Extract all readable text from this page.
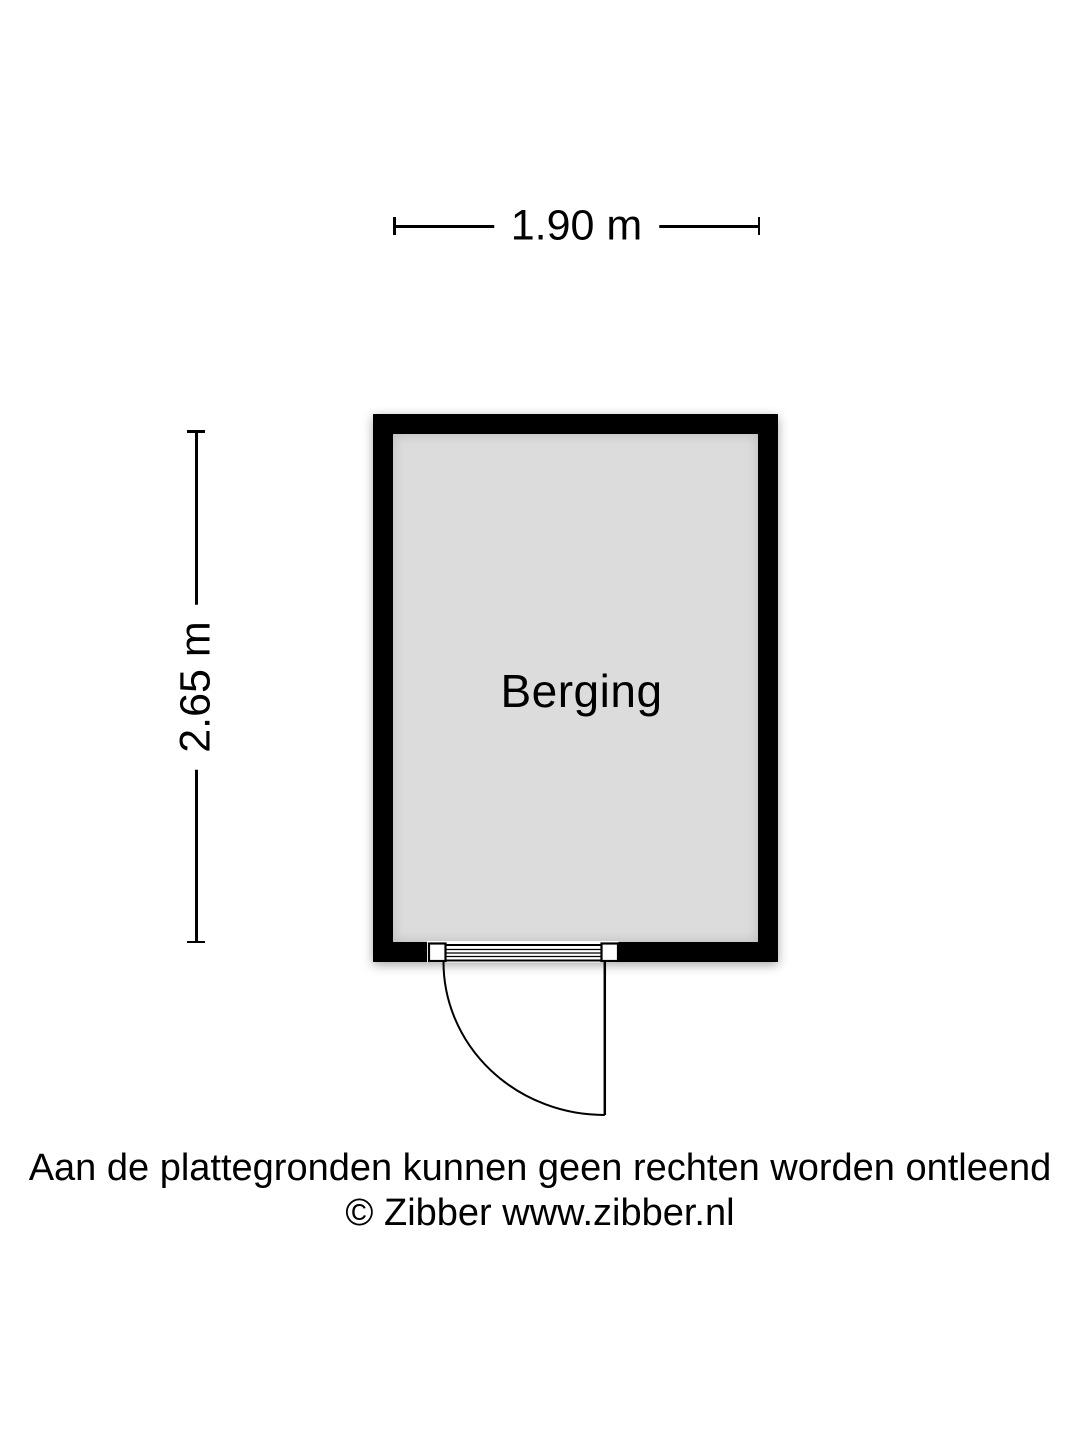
1.90 m
2.65 m	Berging
Aan de plattegronden kunnen geen rechten worden ontleend
© Zibber www.zibber.nl
